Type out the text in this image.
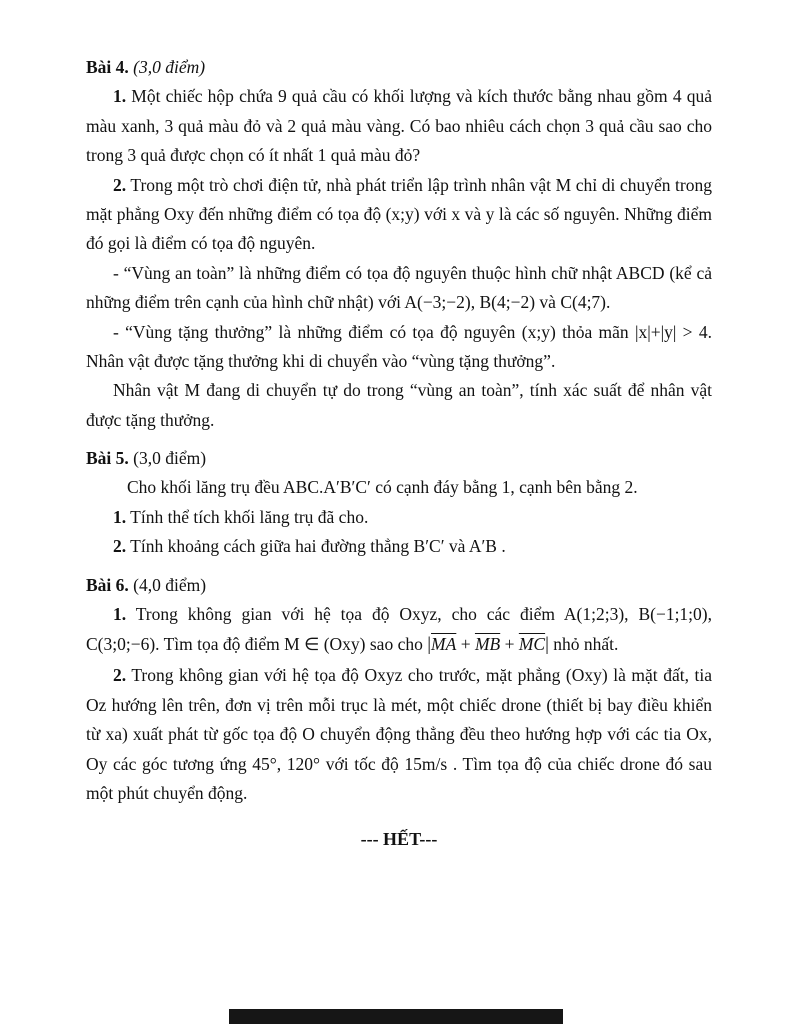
Bài 4. (3,0 điểm)

1. Một chiếc hộp chứa 9 quả cầu có khối lượng và kích thước bằng nhau gồm 4 quả màu xanh, 3 quả màu đỏ và 2 quả màu vàng. Có bao nhiêu cách chọn 3 quả cầu sao cho trong 3 quả được chọn có ít nhất 1 quả màu đỏ?

2. Trong một trò chơi điện tử, nhà phát triển lập trình nhân vật M chỉ di chuyển trong mặt phẳng Oxy đến những điểm có tọa độ (x;y) với x và y là các số nguyên. Những điểm đó gọi là điểm có tọa độ nguyên.

- “Vùng an toàn” là những điểm có tọa độ nguyên thuộc hình chữ nhật ABCD (kể cả những điểm trên cạnh của hình chữ nhật) với A(−3;−2), B(4;−2) và C(4;7).

- “Vùng tặng thưởng” là những điểm có tọa độ nguyên (x;y) thỏa mãn |x|+|y| > 4. Nhân vật được tặng thưởng khi di chuyển vào “vùng tặng thưởng”.

Nhân vật M đang di chuyển tự do trong “vùng an toàn”, tính xác suất để nhân vật được tặng thưởng.

Bài 5. (3,0 điểm)

Cho khối lăng trụ đều ABC.A′B′C′ có cạnh đáy bằng 1, cạnh bên bằng 2.

1. Tính thể tích khối lăng trụ đã cho.

2. Tính khoảng cách giữa hai đường thẳng B′C′ và A′B .

Bài 6. (4,0 điểm)

1. Trong không gian với hệ tọa độ Oxyz, cho các điểm A(1;2;3), B(−1;1;0), C(3;0;−6). Tìm tọa độ điểm M ∈ (Oxy) sao cho $|\overline{MA} + \overline{MB} + \overline{MC}|$ nhỏ nhất.

2. Trong không gian với hệ tọa độ Oxyz cho trước, mặt phẳng (Oxy) là mặt đất, tia Oz hướng lên trên, đơn vị trên mỗi trục là mét, một chiếc drone (thiết bị bay điều khiển từ xa) xuất phát từ gốc tọa độ O chuyển động thẳng đều theo hướng hợp với các tia Ox, Oy các góc tương ứng 45°, 120° với tốc độ 15m/s . Tìm tọa độ của chiếc drone đó sau một phút chuyển động.

--- HẾT---
